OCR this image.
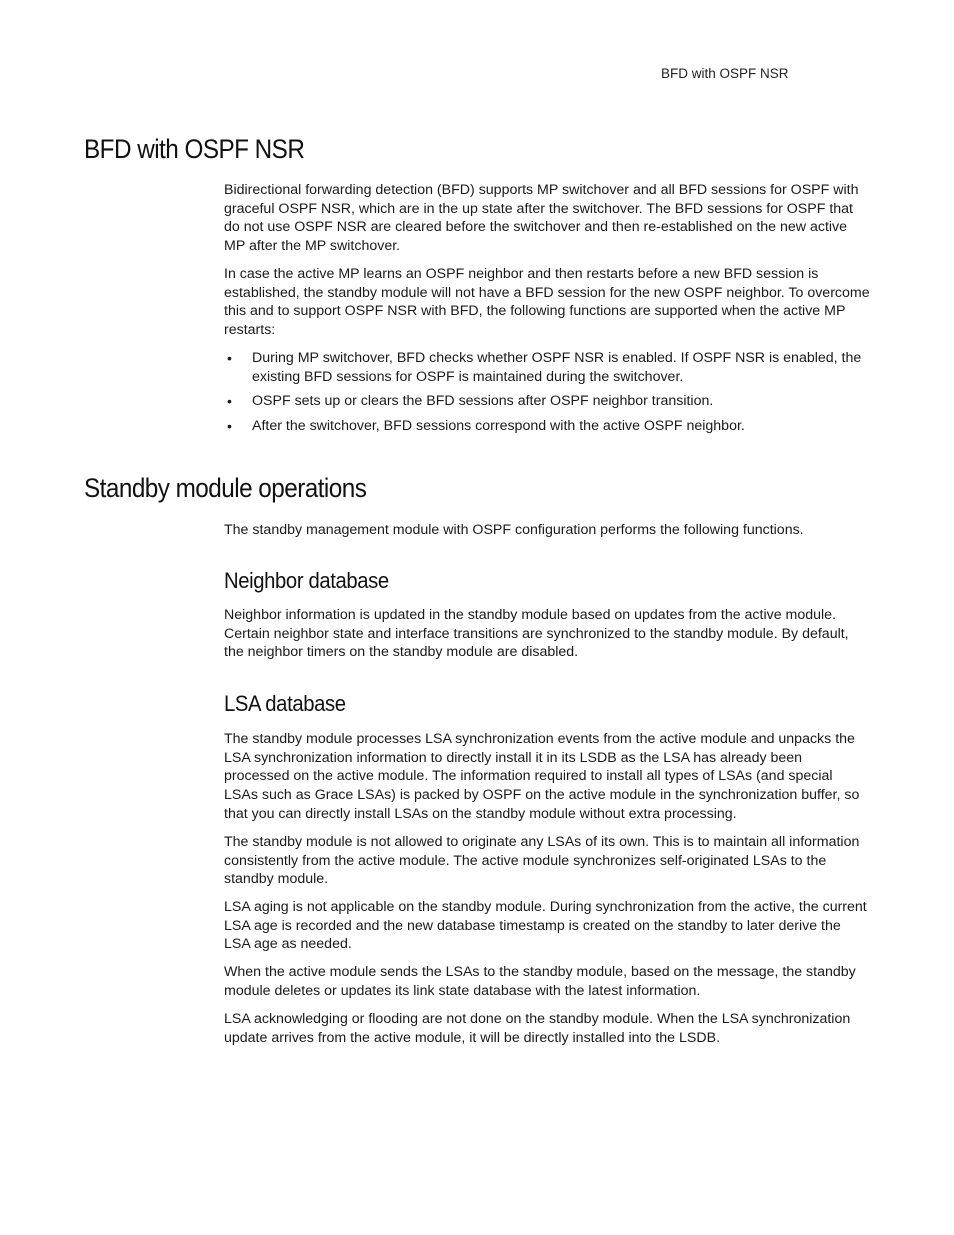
BFD with OSPF NSR
BFD with OSPF NSR

Bidirectional forwarding detection (BFD) supports MP switchover and all BFD sessions for OSPF with graceful OSPF NSR, which are in the up state after the switchover. The BFD sessions for OSPF that do not use OSPF NSR are cleared before the switchover and then re-established on the new active MP after the MP switchover.

In case the active MP learns an OSPF neighbor and then restarts before a new BFD session is established, the standby module will not have a BFD session for the new OSPF neighbor. To overcome this and to support OSPF NSR with BFD, the following functions are supported when the active MP restarts:

• During MP switchover, BFD checks whether OSPF NSR is enabled. If OSPF NSR is enabled, the existing BFD sessions for OSPF is maintained during the switchover.
• OSPF sets up or clears the BFD sessions after OSPF neighbor transition.
• After the switchover, BFD sessions correspond with the active OSPF neighbor.
Standby module operations

The standby management module with OSPF configuration performs the following functions.

Neighbor database

Neighbor information is updated in the standby module based on updates from the active module. Certain neighbor state and interface transitions are synchronized to the standby module. By default, the neighbor timers on the standby module are disabled.

LSA database

The standby module processes LSA synchronization events from the active module and unpacks the LSA synchronization information to directly install it in its LSDB as the LSA has already been processed on the active module. The information required to install all types of LSAs (and special LSAs such as Grace LSAs) is packed by OSPF on the active module in the synchronization buffer, so that you can directly install LSAs on the standby module without extra processing.

The standby module is not allowed to originate any LSAs of its own. This is to maintain all information consistently from the active module. The active module synchronizes self-originated LSAs to the standby module.

LSA aging is not applicable on the standby module. During synchronization from the active, the current LSA age is recorded and the new database timestamp is created on the standby to later derive the LSA age as needed.

When the active module sends the LSAs to the standby module, based on the message, the standby module deletes or updates its link state database with the latest information.

LSA acknowledging or flooding are not done on the standby module. When the LSA synchronization update arrives from the active module, it will be directly installed into the LSDB.
